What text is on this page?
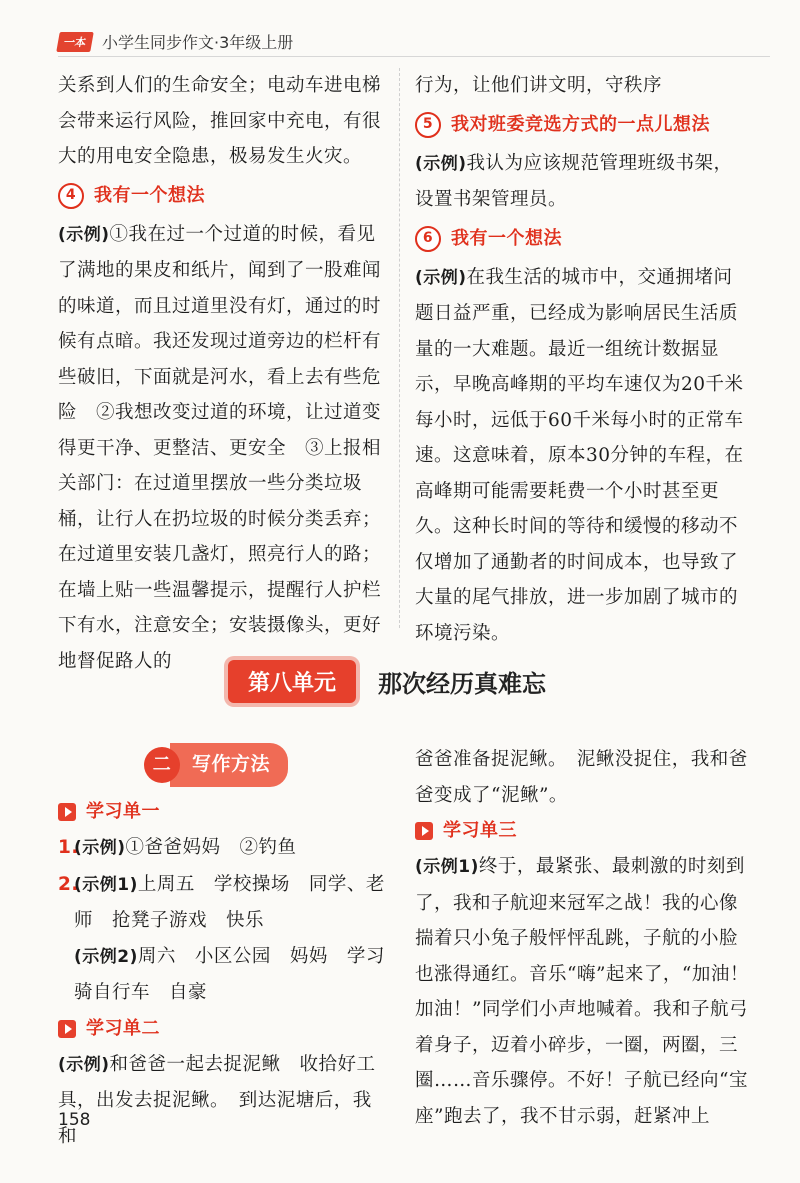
一本 小学生同步作文·3年级上册

关系到人们的生命安全；电动车进电梯会带来运行风险，推回家中充电，有很大的用电安全隐患，极易发生火灾。

4 我有一个想法

(示例)①我在过一个过道的时候，看见了满地的果皮和纸片，闻到了一股难闻的味道，而且过道里没有灯，通过的时候有点暗。我还发现过道旁边的栏杆有些破旧，下面就是河水，看上去有些危险　②我想改变过道的环境，让过道变得更干净、更整洁、更安全　③上报相关部门：在过道里摆放一些分类垃圾桶，让行人在扔垃圾的时候分类丢弃；在过道里安装几盏灯，照亮行人的路；在墙上贴一些温馨提示，提醒行人护栏下有水，注意安全；安装摄像头，更好地督促路人的

行为，让他们讲文明，守秩序

5 我对班委竞选方式的一点儿想法

(示例)我认为应该规范管理班级书架，设置书架管理员。

6 我有一个想法

(示例)在我生活的城市中，交通拥堵问题日益严重，已经成为影响居民生活质量的一大难题。最近一组统计数据显示，早晚高峰期的平均车速仅为20千米每小时，远低于60千米每小时的正常车速。这意味着，原本30分钟的车程，在高峰期可能需要耗费一个小时甚至更久。这种长时间的等待和缓慢的移动不仅增加了通勤者的时间成本，也导致了大量的尾气排放，进一步加剧了城市的环境污染。

第八单元	那次经历真难忘
二	写作方法
学习单一
1.

(示例)①爸爸妈妈　②钓鱼

2.

(示例1)上周五　学校操场　同学、老师　抢凳子游戏　快乐

(示例2)周六　小区公园　妈妈　学习骑自行车　自豪

学习单二

(示例)和爸爸一起去捉泥鳅　收拾好工具，出发去捉泥鳅。　到达泥塘后，我和

爸爸准备捉泥鳅。　泥鳅没捉住，我和爸爸变成了“泥鳅”。

学习单三

(示例1)终于，最紧张、最刺激的时刻到了，我和子航迎来冠军之战！我的心像揣着只小兔子般怦怦乱跳，子航的小脸也涨得通红。音乐“嗨”起来了，“加油！加油！”同学们小声地喊着。我和子航弓着身子，迈着小碎步，一圈，两圈，三圈……音乐骤停。不好！子航已经向“宝座”跑去了，我不甘示弱，赶紧冲上

158
